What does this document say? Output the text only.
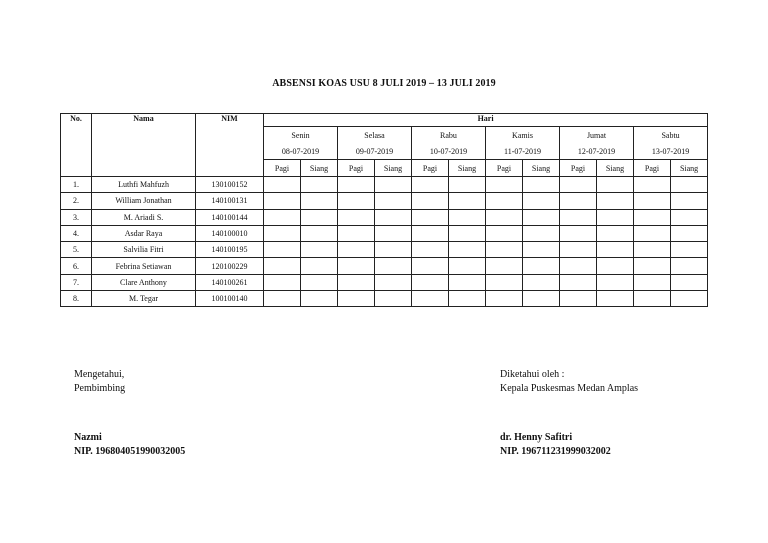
ABSENSI KOAS USU 8 JULI 2019 – 13 JULI 2019
No.	Nama	NIM	Hari											
			Senin		Selasa		Rabu		Kamis		Jumat		Sabtu	
			08-07-2019		09-07-2019		10-07-2019		11-07-2019		12-07-2019		13-07-2019	
			Pagi	Siang	Pagi	Siang	Pagi	Siang	Pagi	Siang	Pagi	Siang	Pagi	Siang
1.	Luthfi Mahfuzh	130100152												
2.	William Jonathan	140100131												
3.	M. Ariadi S.	140100144												
4.	Asdar Raya	140100010												
5.	Salvilia Fitri	140100195												
6.	Febrina Setiawan	120100229												
7.	Clare Anthony	140100261												
8.	M. Tegar	100100140												
Mengetahui,
Pembimbing
Nazmi
NIP. 196804051990032005
Diketahui oleh :
Kepala Puskesmas Medan Amplas
dr. Henny Safitri
NIP. 196711231999032002
